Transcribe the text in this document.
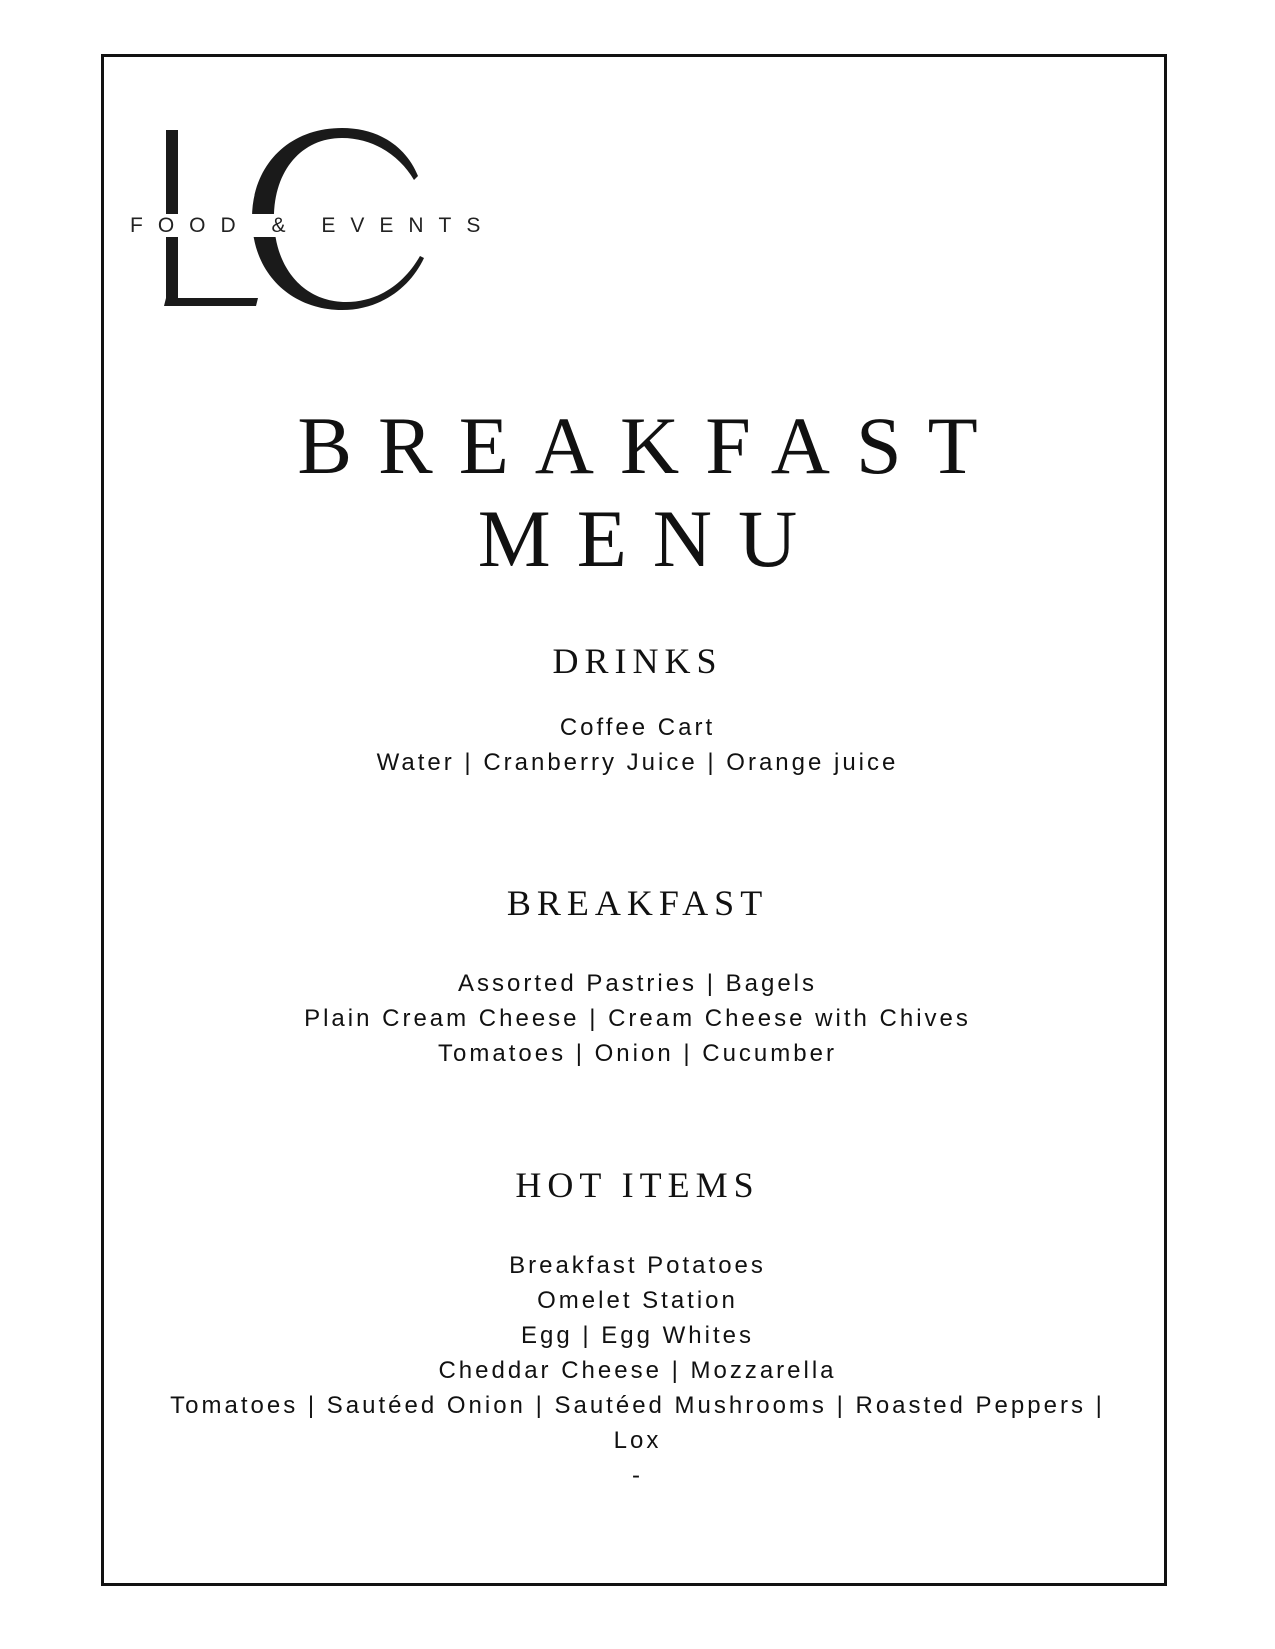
FOOD & EVENTS
BREAKFAST
MENU
DRINKS
Coffee Cart
Water | Cranberry Juice | Orange juice
BREAKFAST
Assorted Pastries | Bagels
Plain Cream Cheese | Cream Cheese with Chives
Tomatoes | Onion | Cucumber
HOT ITEMS
Breakfast Potatoes
Omelet Station
Egg | Egg Whites
Cheddar Cheese | Mozzarella
Tomatoes | Sautéed Onion | Sautéed Mushrooms | Roasted Peppers |
Lox
-
